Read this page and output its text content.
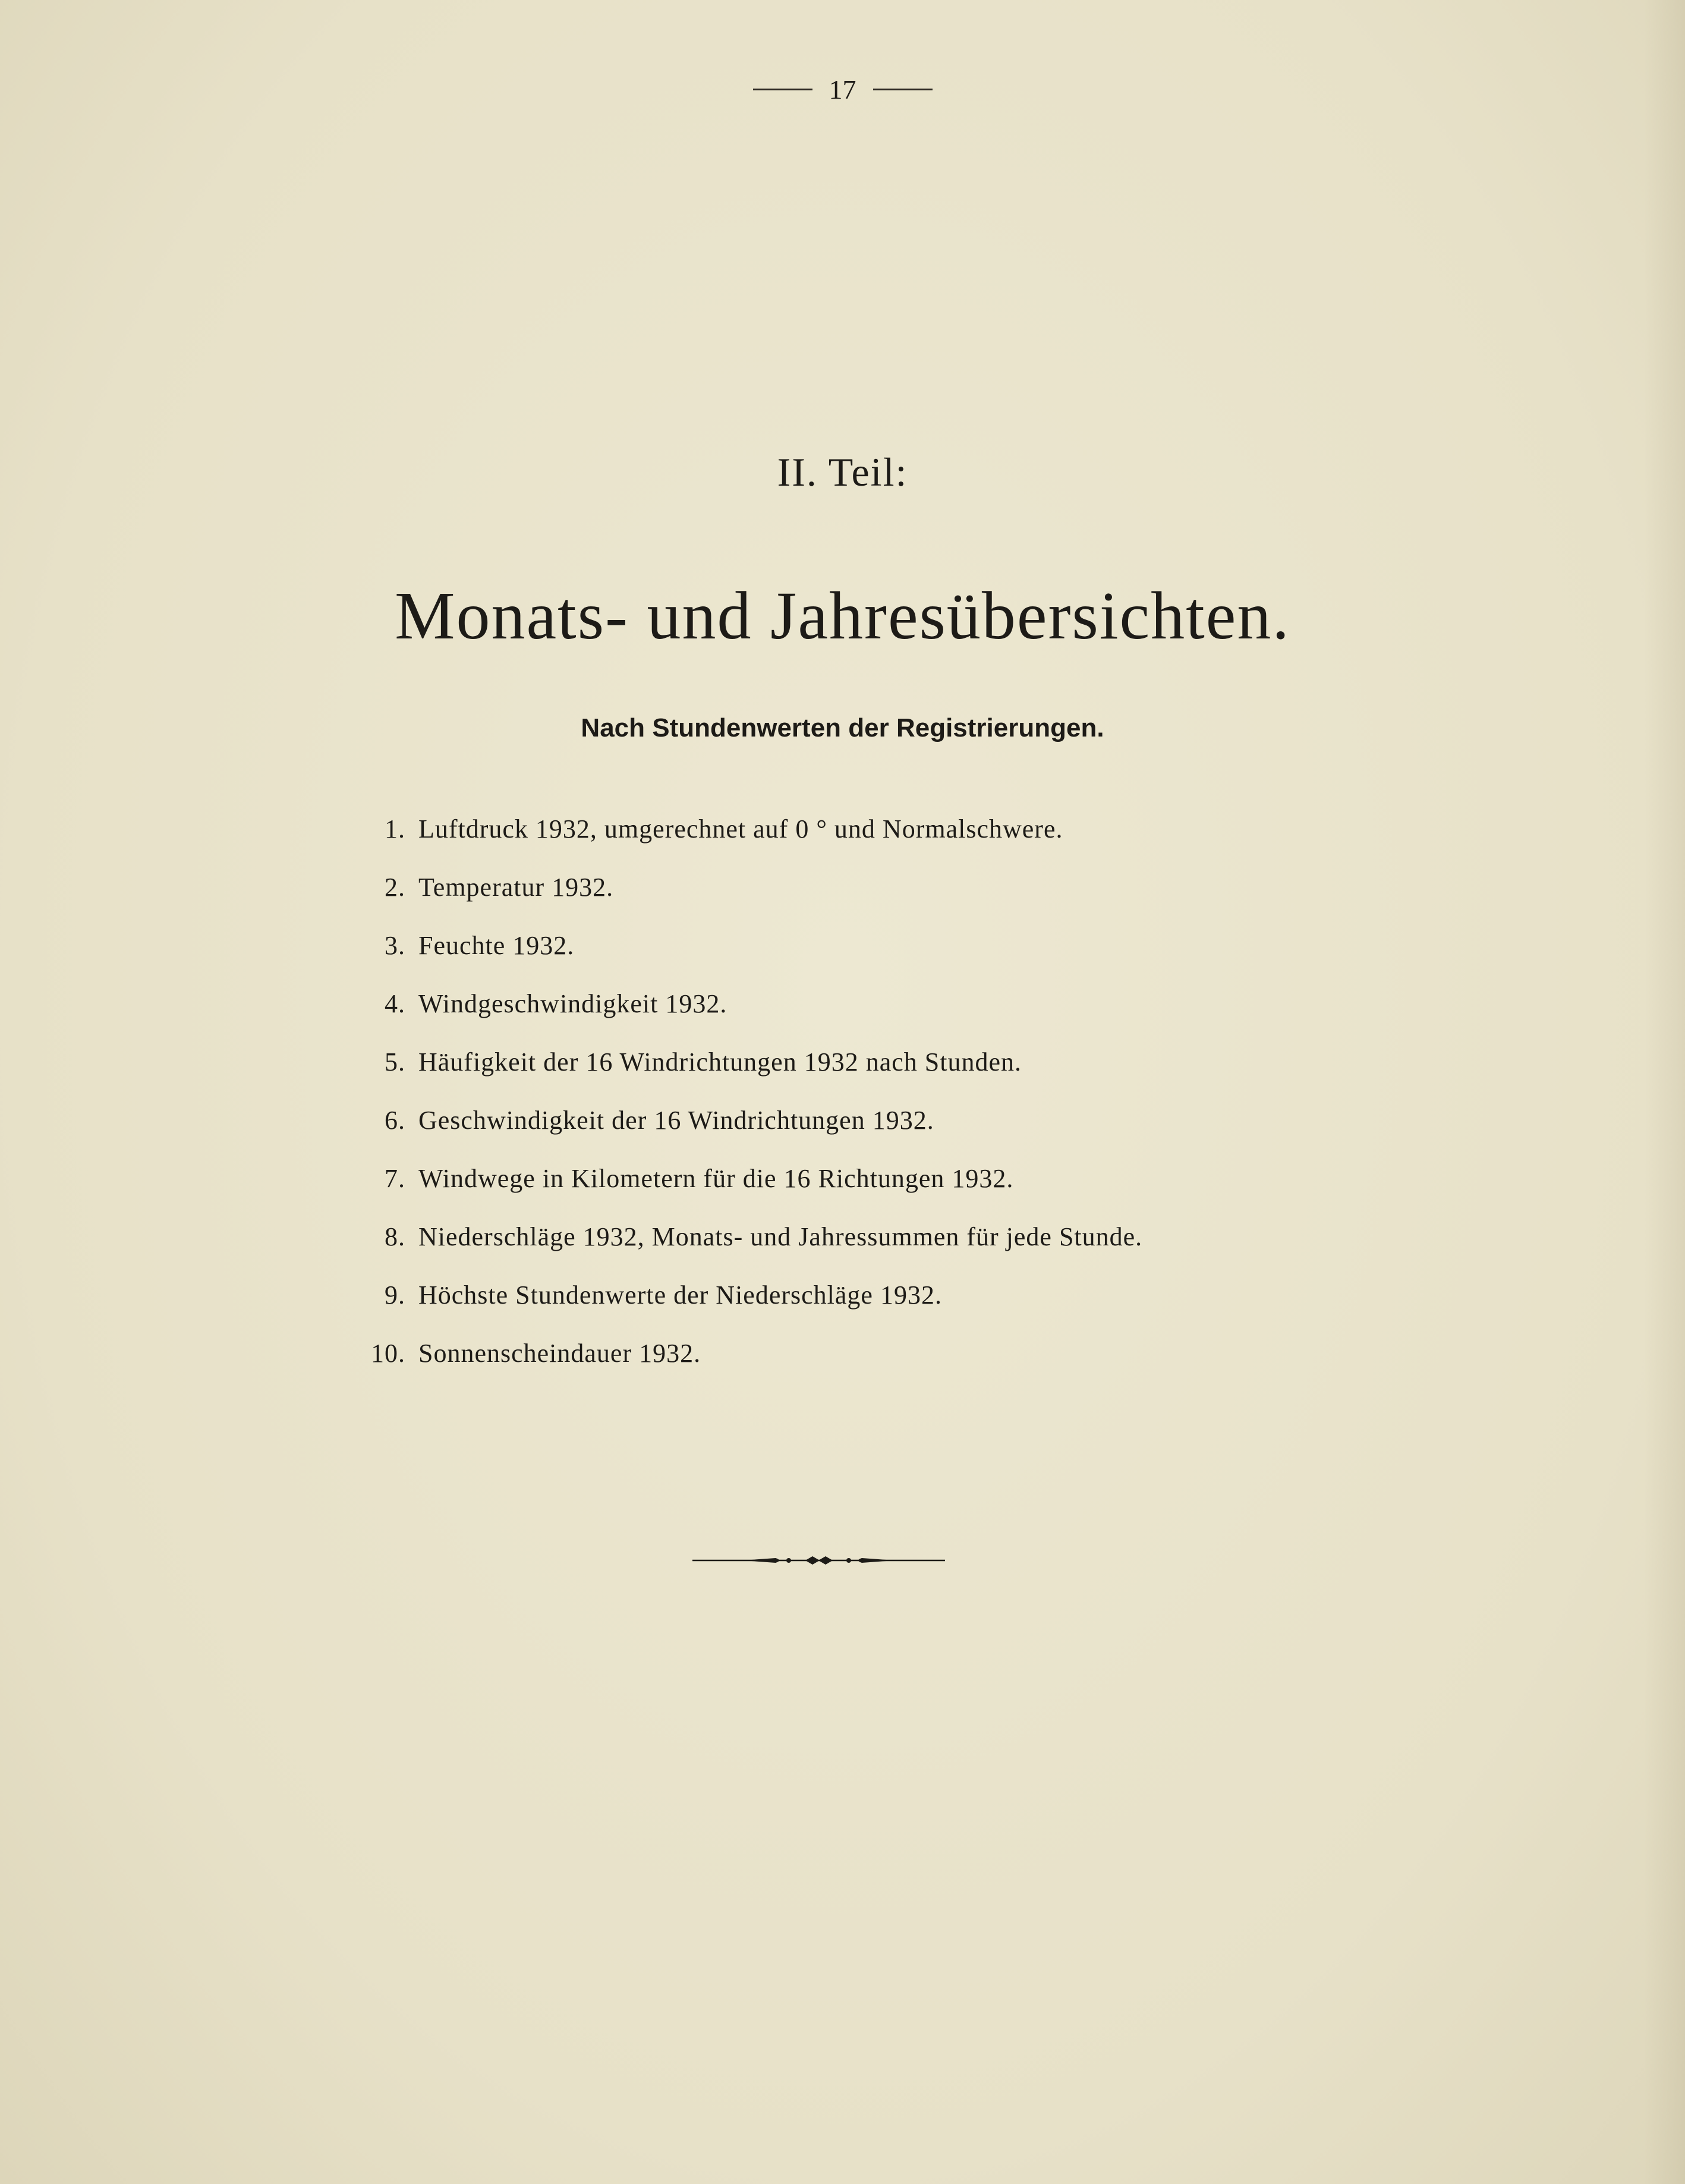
17
II. Teil:
Monats- und Jahresübersichten.
Nach Stundenwerten der Registrierungen.
1. Luftdruck 1932, umgerechnet auf 0 ° und Normalschwere.
2. Temperatur 1932.
3. Feuchte 1932.
4. Windgeschwindigkeit 1932.
5. Häufigkeit der 16 Windrichtungen 1932 nach Stunden.
6. Geschwindigkeit der 16 Windrichtungen 1932.
7. Windwege in Kilometern für die 16 Richtungen 1932.
8. Niederschläge 1932, Monats- und Jahressummen für jede Stunde.
9. Höchste Stundenwerte der Niederschläge 1932.
10. Sonnenscheindauer 1932.
